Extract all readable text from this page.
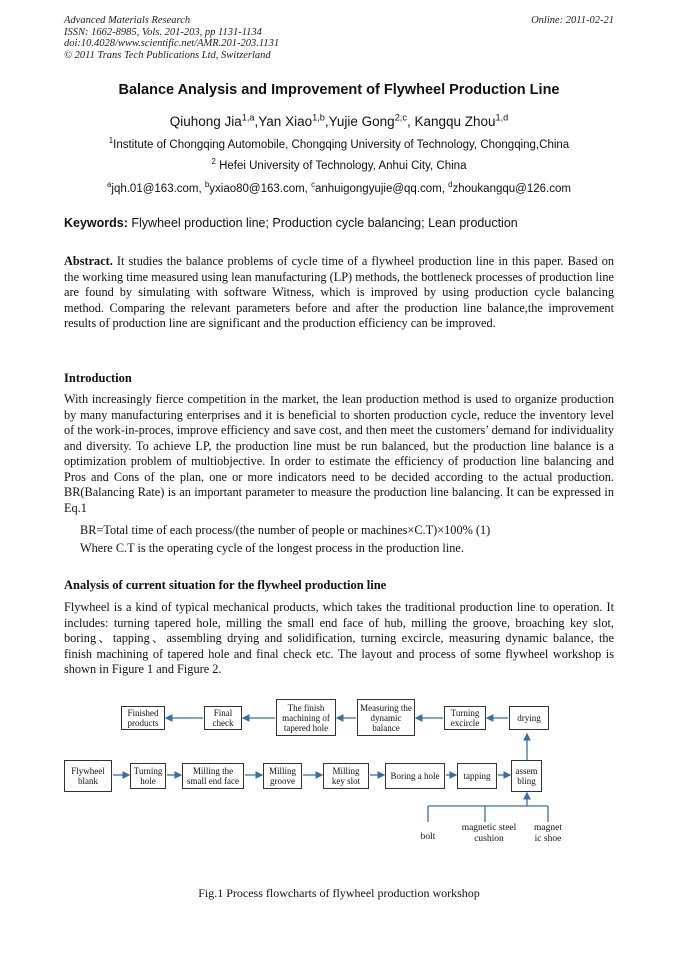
Advanced Materials Research
ISSN: 1662-8985, Vols. 201-203, pp 1131-1134
doi:10.4028/www.scientific.net/AMR.201-203.1131
© 2011 Trans Tech Publications Ltd, Switzerland
Online: 2011-02-21
Balance Analysis and Improvement of Flywheel Production Line
Qiuhong Jia$^{1,a}$,Yan Xiao$^{1,b}$,Yujie Gong$^{2,c}$, Kangqu Zhou$^{1,d}$
$^1$Institute of Chongqing Automobile, Chongqing University of Technology, Chongqing,China
$^2$ Hefei University of Technology, Anhui City, China
$^a$jqh.01@163.com, $^b$yxiao80@163.com, $^c$anhuigongyujie@qq.com, $^d$zhoukangqu@126.com
Keywords: Flywheel production line; Production cycle balancing; Lean production
Abstract. It studies the balance problems of cycle time of a flywheel production line in this paper. Based on the working time measured using lean manufacturing (LP) methods, the bottleneck processes of production line are found by simulating with software Witness, which is improved by using production cycle balancing method. Comparing the relevant parameters before and after the production line balance,the improvement results of production line are significant and the production efficiency can be improved.
Introduction
With increasingly fierce competition in the market, the lean production method is used to organize production by many manufacturing enterprises and it is beneficial to shorten production cycle, reduce the inventory level of the work-in-proces, improve efficiency and save cost, and then meet the customers’ demand for individuality and diversity. To achieve LP, the production line must be run balanced, but the production line balance is a optimization problem of multiobjective. In order to estimate the efficiency of production line balancing and Pros and Cons of the plan, one or more indicators need to be decided according to the actual production. BR(Balancing Rate) is an important parameter to measure the production line balancing. It can be expressed in Eq.1
BR=Total time of each process/(the number of people or machines×C.T)×100% (1)
Where C.T is the operating cycle of the longest process in the production line.
Analysis of current situation for the flywheel production line
Flywheel is a kind of typical mechanical products, which takes the traditional production line to operation. It includes: turning tapered hole, milling the small end face of hub, milling the groove, broaching key slot, boring、tapping、assembling drying and solidification, turning excircle, measuring dynamic balance, the finish machining of tapered hole and final check etc. The layout and process of some flywheel workshop is shown in Figure 1 and Figure 2.
Finished products
Final check
The finish machining of tapered hole
Measuring the dynamic balance
Turning excircle	drying
Flywheel blank
Turning hole
Milling the small end face
Milling groove
Milling key slot	Boring a hole	tapping	assem bling
bolt
magnetic steel cushion
magnet ic shoe
Fig.1 Process flowcharts of flywheel production workshop
